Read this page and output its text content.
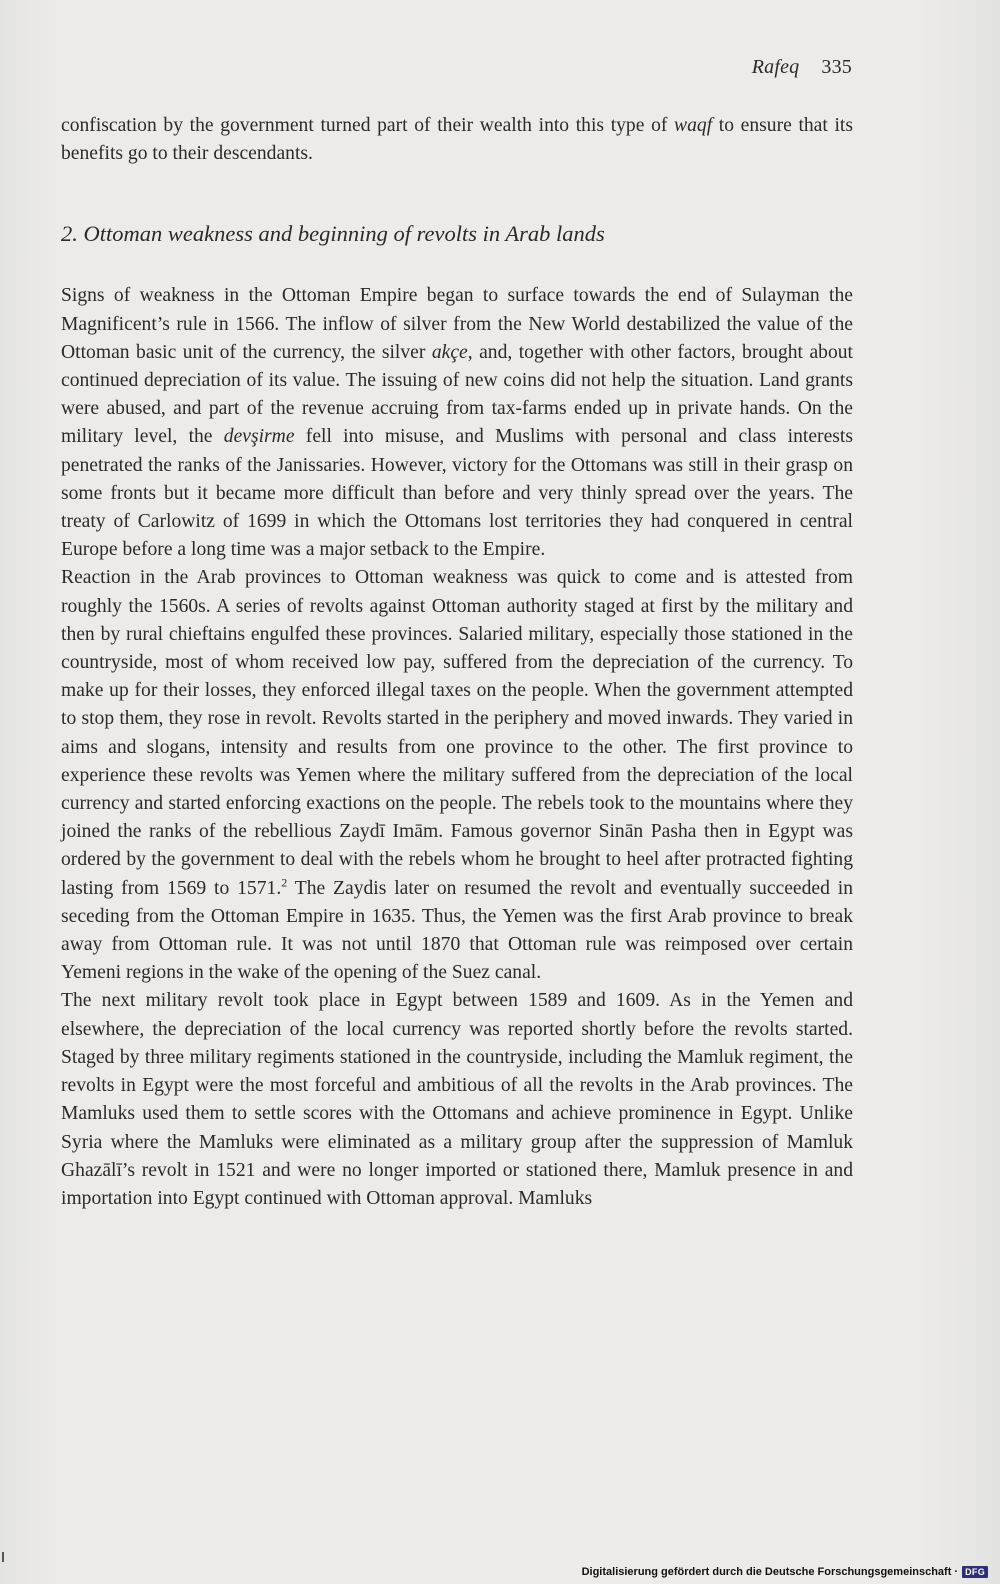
Rafeq 335

confiscation by the government turned part of their wealth into this type of waqf to ensure that its benefits go to their descendants.

2. Ottoman weakness and beginning of revolts in Arab lands

Signs of weakness in the Ottoman Empire began to surface towards the end of Sulayman the Magnificent’s rule in 1566. The inflow of silver from the New World destabilized the value of the Ottoman basic unit of the currency, the silver akçe, and, together with other factors, brought about continued depreciation of its value. The issuing of new coins did not help the situation. Land grants were abused, and part of the revenue accruing from tax-farms ended up in private hands. On the military level, the devşirme fell into misuse, and Muslims with personal and class interests penetrated the ranks of the Janissaries. However, victory for the Ottomans was still in their grasp on some fronts but it became more difficult than before and very thinly spread over the years. The treaty of Carlowitz of 1699 in which the Ottomans lost territories they had conquered in central Europe before a long time was a major setback to the Empire.

Reaction in the Arab provinces to Ottoman weakness was quick to come and is attested from roughly the 1560s. A series of revolts against Ottoman authority staged at first by the military and then by rural chieftains engulfed these provinces. Salaried military, especially those stationed in the countryside, most of whom received low pay, suffered from the depreciation of the currency. To make up for their losses, they enforced illegal taxes on the people. When the government attempted to stop them, they rose in revolt. Revolts started in the periphery and moved inwards. They varied in aims and slogans, intensity and results from one province to the other. The first province to experience these revolts was Yemen where the military suffered from the depreciation of the local currency and started enforcing exactions on the people. The rebels took to the mountains where they joined the ranks of the rebellious Zaydī Imām. Famous governor Sinān Pasha then in Egypt was ordered by the government to deal with the rebels whom he brought to heel after protracted fighting lasting from 1569 to 1571.$^2$ The Zaydis later on resumed the revolt and eventually succeeded in seceding from the Ottoman Empire in 1635. Thus, the Yemen was the first Arab province to break away from Ottoman rule. It was not until 1870 that Ottoman rule was reimposed over certain Yemeni regions in the wake of the opening of the Suez canal.

The next military revolt took place in Egypt between 1589 and 1609. As in the Yemen and elsewhere, the depreciation of the local currency was reported shortly before the revolts started. Staged by three military regiments stationed in the countryside, including the Mamluk regiment, the revolts in Egypt were the most forceful and ambitious of all the revolts in the Arab provinces. The Mamluks used them to settle scores with the Ottomans and achieve prominence in Egypt. Unlike Syria where the Mamluks were eliminated as a military group after the suppression of Mamluk Ghazālī’s revolt in 1521 and were no longer imported or stationed there, Mamluk presence in and importation into Egypt continued with Ottoman approval. Mamluks

Digitalisierung gefördert durch die Deutsche Forschungsgemeinschaft · DFG
